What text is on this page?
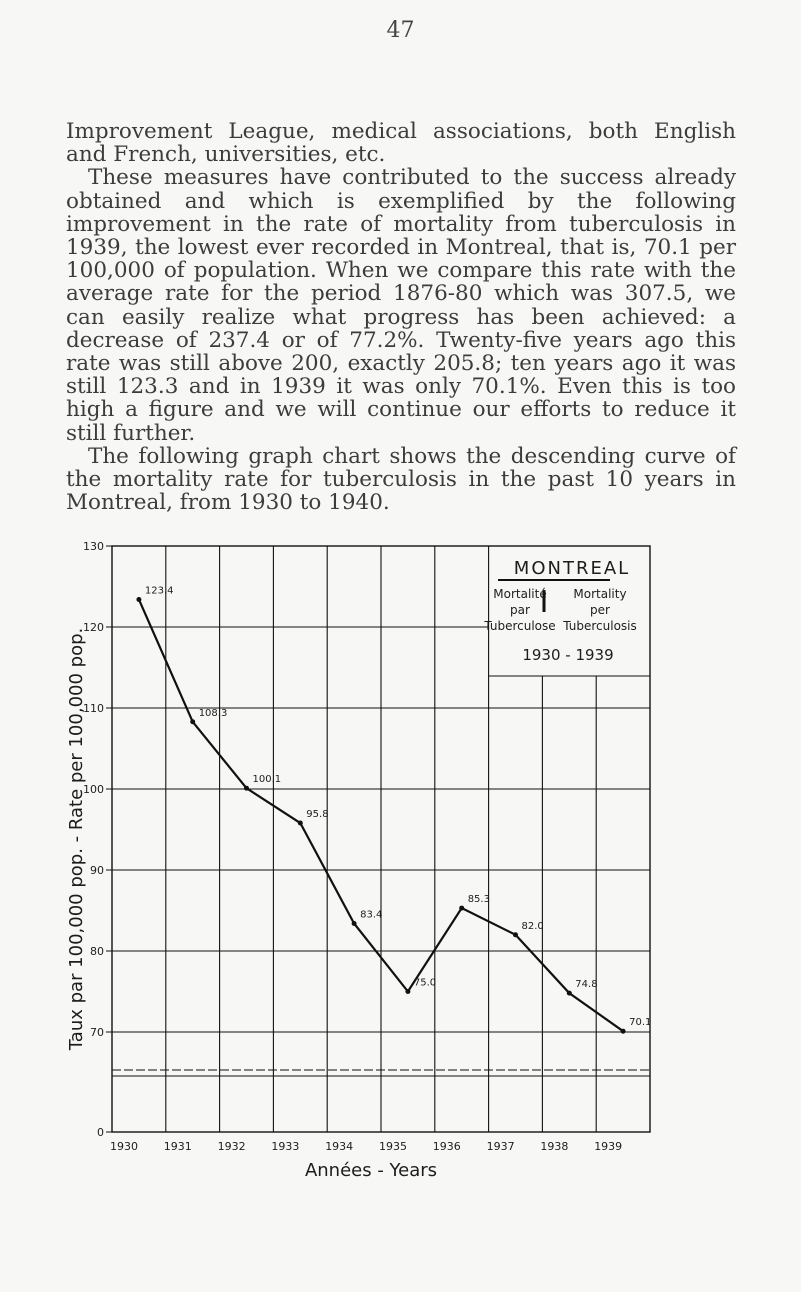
47

Improvement League, medical associations, both English and French, universities, etc.

These measures have contributed to the success already obtained and which is exemplified by the following improvement in the rate of mortality from tuberculosis in 1939, the lowest ever recorded in Montreal, that is, 70.1 per 100,000 of population. When we compare this rate with the average rate for the period 1876-80 which was 307.5, we can easily realize what progress has been achieved: a decrease of 237.4 or of 77.2%. Twenty-five years ago this rate was still above 200, exactly 205.8; ten years ago it was still 123.3 and in 1939 it was only 70.1%. Even this is too high a figure and we will continue our efforts to reduce it still further.

The following graph chart shows the descending curve of the mortality rate for tuberculosis in the past 10 years in Montreal, from 1930 to 1940.

130
120
110
100
90
80
70
0
1930 1931 1932 1933 1934 1935 1936 1937 1938 1939
Taux par 100,000 pop. - Rate per 100,000 pop.
Années - Years
MONTREAL
Mortalité
par
Tuberculose
Mortality
per
Tuberculosis
1930 - 1939
123.4
108.3
100.1
95.8
83.4
75.0
85.3
82.0
74.8
70.1
